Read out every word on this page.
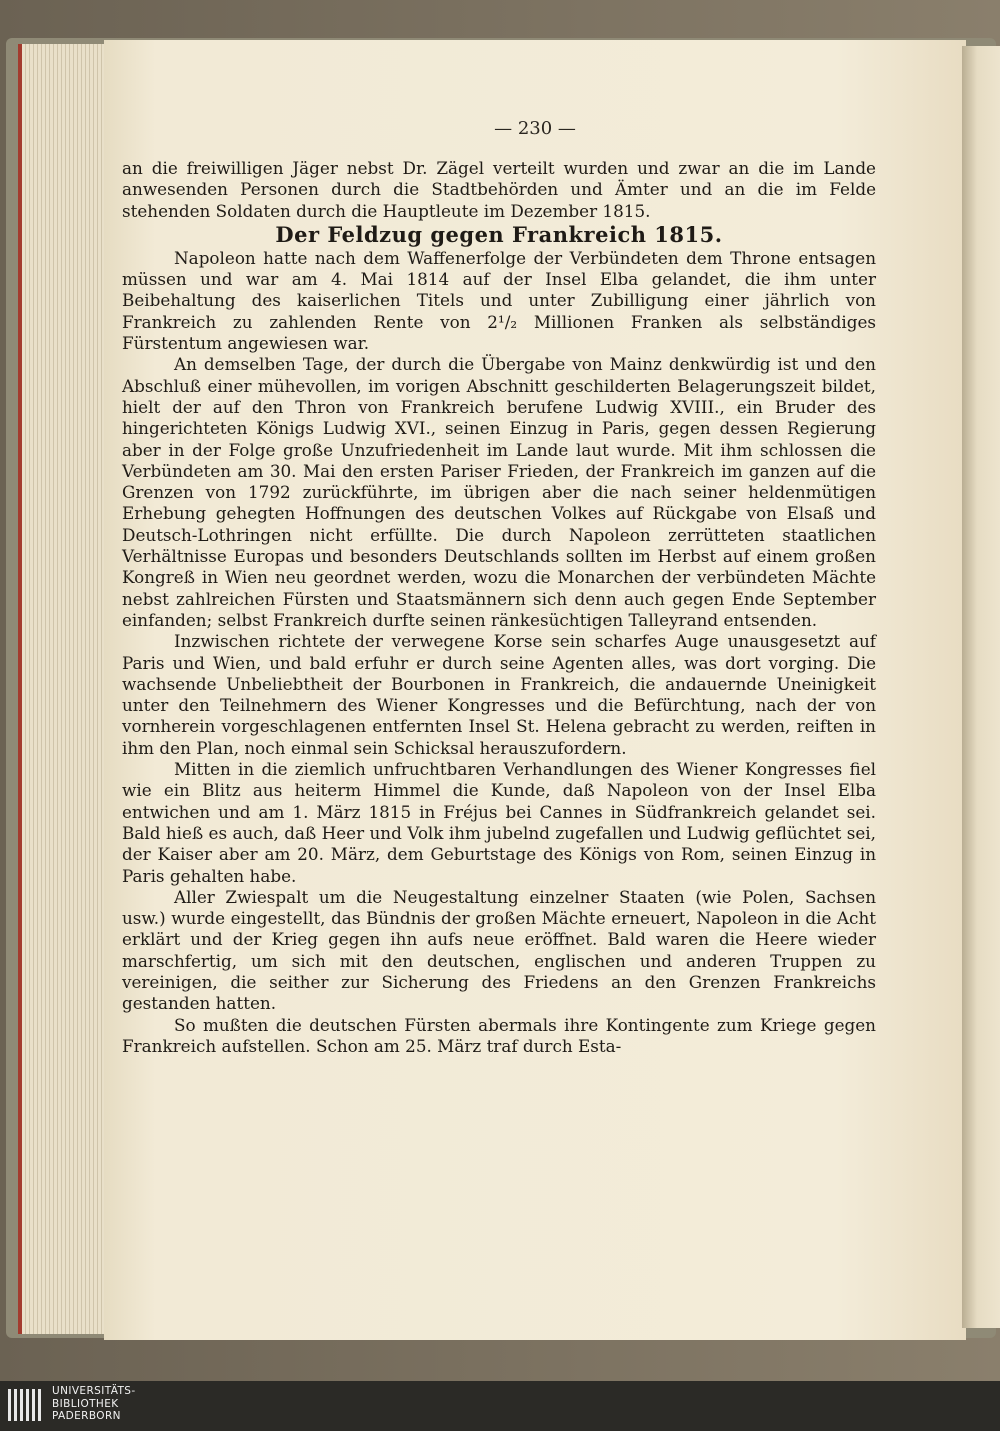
— 230 —

an die freiwilligen Jäger nebst Dr. Zägel verteilt wurden und zwar an die im Lande anwesenden Personen durch die Stadtbehörden und Ämter und an die im Felde stehenden Soldaten durch die Hauptleute im Dezember 1815.

Der Feldzug gegen Frankreich 1815.

Napoleon hatte nach dem Waffenerfolge der Verbündeten dem Throne entsagen müssen und war am 4. Mai 1814 auf der Insel Elba gelandet, die ihm unter Beibehaltung des kaiserlichen Titels und unter Zubilligung einer jährlich von Frankreich zu zahlenden Rente von 2¹/₂ Millionen Franken als selbständiges Fürstentum angewiesen war.

An demselben Tage, der durch die Übergabe von Mainz denkwürdig ist und den Abschluß einer mühevollen, im vorigen Abschnitt geschilderten Belagerungszeit bildet, hielt der auf den Thron von Frankreich berufene Ludwig XVIII., ein Bruder des hingerichteten Königs Ludwig XVI., seinen Einzug in Paris, gegen dessen Regierung aber in der Folge große Unzufriedenheit im Lande laut wurde. Mit ihm schlossen die Verbündeten am 30. Mai den ersten Pariser Frieden, der Frankreich im ganzen auf die Grenzen von 1792 zurückführte, im übrigen aber die nach seiner heldenmütigen Erhebung gehegten Hoffnungen des deutschen Volkes auf Rückgabe von Elsaß und Deutsch-Lothringen nicht erfüllte. Die durch Napoleon zerrütteten staatlichen Verhältnisse Europas und besonders Deutschlands sollten im Herbst auf einem großen Kongreß in Wien neu geordnet werden, wozu die Monarchen der verbündeten Mächte nebst zahlreichen Fürsten und Staatsmännern sich denn auch gegen Ende September einfanden; selbst Frankreich durfte seinen ränkesüchtigen Talleyrand entsenden.

Inzwischen richtete der verwegene Korse sein scharfes Auge unausgesetzt auf Paris und Wien, und bald erfuhr er durch seine Agenten alles, was dort vorging. Die wachsende Unbeliebtheit der Bourbonen in Frankreich, die andauernde Uneinigkeit unter den Teilnehmern des Wiener Kongresses und die Befürchtung, nach der von vornherein vorgeschlagenen entfernten Insel St. Helena gebracht zu werden, reiften in ihm den Plan, noch einmal sein Schicksal herauszufordern.

Mitten in die ziemlich unfruchtbaren Verhandlungen des Wiener Kongresses fiel wie ein Blitz aus heiterm Himmel die Kunde, daß Napoleon von der Insel Elba entwichen und am 1. März 1815 in Fréjus bei Cannes in Südfrankreich gelandet sei. Bald hieß es auch, daß Heer und Volk ihm jubelnd zugefallen und Ludwig geflüchtet sei, der Kaiser aber am 20. März, dem Geburtstage des Königs von Rom, seinen Einzug in Paris gehalten habe.

Aller Zwiespalt um die Neugestaltung einzelner Staaten (wie Polen, Sachsen usw.) wurde eingestellt, das Bündnis der großen Mächte erneuert, Napoleon in die Acht erklärt und der Krieg gegen ihn aufs neue eröffnet. Bald waren die Heere wieder marschfertig, um sich mit den deutschen, englischen und anderen Truppen zu vereinigen, die seither zur Sicherung des Friedens an den Grenzen Frankreichs gestanden hatten.

So mußten die deutschen Fürsten abermals ihre Kontingente zum Kriege gegen Frankreich aufstellen. Schon am 25. März traf durch Esta-

UNIVERSITÄTS-
BIBLIOTHEK
PADERBORN
